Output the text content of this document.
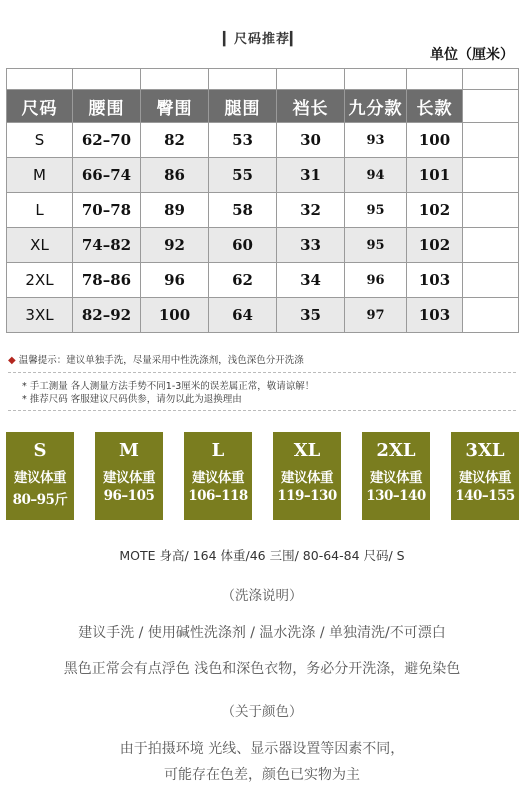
▎尺码推荐▎
单位（厘米）

尺码	腰围	臀围	腿围	裆长	九分款	长款	
S	62–70	82	53	30	93	100	
M	66–74	86	55	31	94	101	
L	70–78	89	58	32	95	102	
XL	74–82	92	60	33	95	102	
2XL	78–86	96	62	34	96	103	
3XL	82–92	100	64	35	97	103	
◆ 温馨提示：建议单独手洗，尽量采用中性洗涤剂，浅色深色分开洗涤
* 手工测量 各人测量方法手势不同1-3厘米的误差属正常，敬请谅解！
* 推荐尺码 客服建议尺码供参，请勿以此为退换理由
S
建议体重
80–95斤
M
建议体重
96–105
L
建议体重
106–118
XL
建议体重
119–130
2XL
建议体重
130–140
3XL
建议体重
140–155
MOTE 身高/ 164 体重/46 三围/ 80-64-84 尺码/ S
（洗涤说明）
建议手洗 / 使用碱性洗涤剂 / 温水洗涤 / 单独清洗/不可漂白
黑色正常会有点浮色 浅色和深色衣物，务必分开洗涤，避免染色
（关于颜色）
由于拍摄环境 光线、显示器设置等因素不同，
可能存在色差，颜色已实物为主
